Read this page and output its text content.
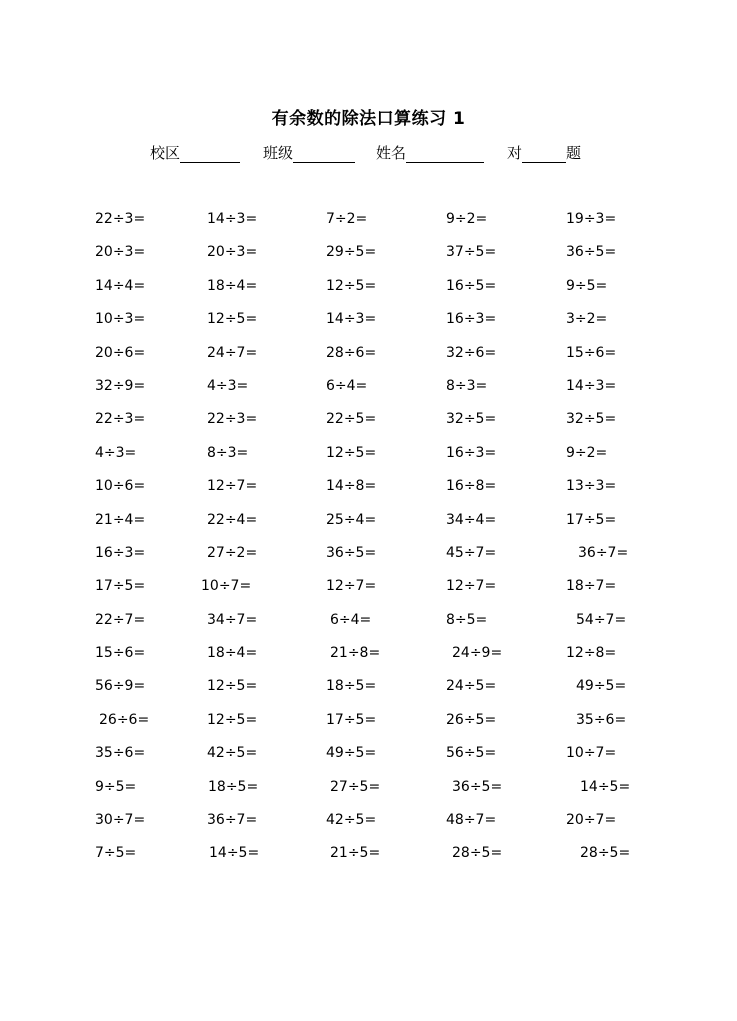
有余数的除法口算练习 1
校区	班级	姓名	对	题
22÷3=	14÷3=	7÷2=	9÷2=	19÷3=
20÷3=	20÷3=	29÷5=	37÷5=	36÷5=
14÷4=	18÷4=	12÷5=	16÷5=	9÷5=
10÷3=	12÷5=	14÷3=	16÷3=	3÷2=
20÷6=	24÷7=	28÷6=	32÷6=	15÷6=
32÷9=	4÷3=	6÷4=	8÷3=	14÷3=
22÷3=	22÷3=	22÷5=	32÷5=	32÷5=
4÷3=	8÷3=	12÷5=	16÷3=	9÷2=
10÷6=	12÷7=	14÷8=	16÷8=	13÷3=
21÷4=	22÷4=	25÷4=	34÷4=	17÷5=
16÷3=	27÷2=	36÷5=	45÷7=	36÷7=
17÷5=	10÷7=	12÷7=	12÷7=	18÷7=
22÷7=	34÷7=	6÷4=	8÷5=	54÷7=
15÷6=	18÷4=	21÷8=	24÷9=	12÷8=
56÷9=	12÷5=	18÷5=	24÷5=	49÷5=
26÷6=	12÷5=	17÷5=	26÷5=	35÷6=
35÷6=	42÷5=	49÷5=	56÷5=	10÷7=
9÷5=	18÷5=	27÷5=	36÷5=	14÷5=
30÷7=	36÷7=	42÷5=	48÷7=	20÷7=
7÷5=	14÷5=	21÷5=	28÷5=	28÷5=
